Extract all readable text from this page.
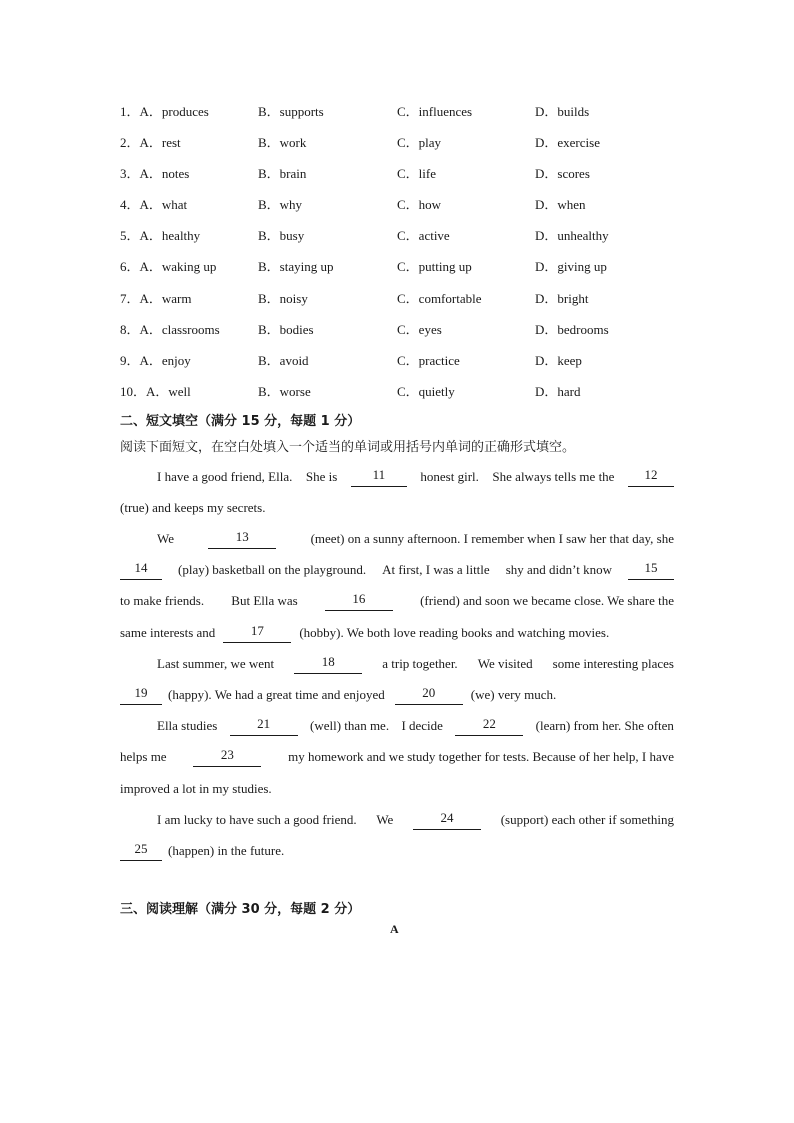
1．A．produces	B．supports	C．influences	D．builds
2．A．rest	B．work	C．play	D．exercise
3．A．notes	B．brain	C．life	D．scores
4．A．what	B．why	C．how	D．when
5．A．healthy	B．busy	C．active	D．unhealthy
6．A．waking up	B．staying up	C．putting up	D．giving up
7．A．warm	B．noisy	C．comfortable	D．bright
8．A．classrooms	B．bodies	C．eyes	D．bedrooms
9．A．enjoy	B．avoid	C．practice	D．keep
10．A．well	B．worse	C．quietly	D．hard
二、短文填空（满分 15 分，每题 1 分）
阅读下面短文，在空白处填入一个适当的单词或用括号内单词的正确形式填空。
I have a good friend, Ella. She is	11	honest girl. She always tells me the	12
(true) and keeps my secrets.
We	13	(meet) on a sunny afternoon. I remember when I saw her that day, she
14	(play) basketball on the playground. At first, I was a little shy and didn’t know	15
to make friends. But Ella was	16	(friend) and soon we became close. We share the
same interests and	17	(hobby). We both love reading books and watching movies.
Last summer, we went	18	a trip together. We visited some interesting places
19	(happy). We had a great time and enjoyed	20	(we) very much.
Ella studies	21	(well) than me. I decide	22	(learn) from her. She often
helps me	23	my homework and we study together for tests. Because of her help, I have
improved a lot in my studies.
I am lucky to have such a good friend. We	24	(support) each other if something
25	(happen) in the future.
三、阅读理解（满分 30 分，每题 2 分）
A
